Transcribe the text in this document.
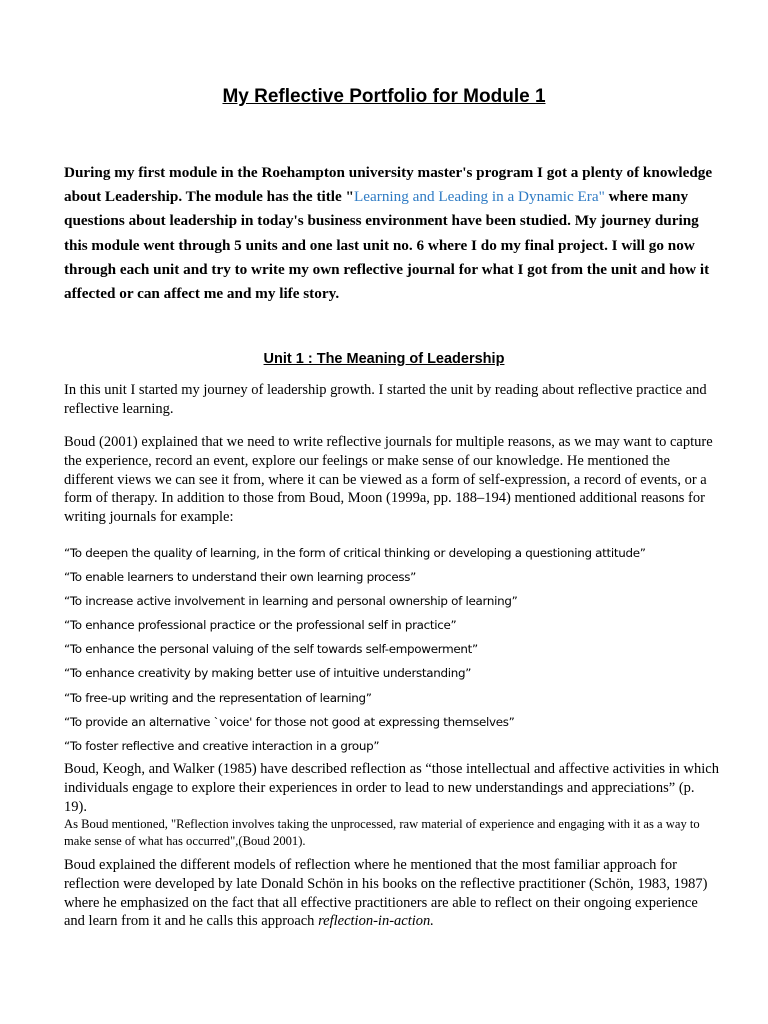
My Reflective Portfolio for Module 1
During my first module in the Roehampton university master's program I got a plenty of knowledge about Leadership. The module has the title "Learning and Leading in a Dynamic Era" where many questions about leadership in today's business environment have been studied. My journey during this module went through 5 units and one last unit no. 6 where I do my final project. I will go now through each unit and try to write my own reflective journal for what I got from the unit and how it affected or can affect me and my life story.
Unit 1 : The Meaning of Leadership
In this unit I started my journey of leadership growth. I started the unit by reading about reflective practice and reflective learning.
Boud (2001) explained that we need to write reflective journals for multiple reasons, as we may want to capture the experience, record an event, explore our feelings or make sense of our knowledge. He mentioned the different views we can see it from, where it can be viewed as a form of self-expression, a record of events, or a form of therapy. In addition to those from Boud, Moon (1999a, pp. 188–194) mentioned additional reasons for writing journals for example:
“To deepen the quality of learning, in the form of critical thinking or developing a questioning attitude”
“To enable learners to understand their own learning process”
“To increase active involvement in learning and personal ownership of learning”
“To enhance professional practice or the professional self in practice”
“To enhance the personal valuing of the self towards self-empowerment”
“To enhance creativity by making better use of intuitive understanding”
“To free-up writing and the representation of learning”
“To provide an alternative `voice' for those not good at expressing themselves”
“To foster reflective and creative interaction in a group”
Boud, Keogh, and Walker (1985) have described reflection as “those intellectual and affective activities in which individuals engage to explore their experiences in order to lead to new understandings and appreciations” (p. 19).
As Boud mentioned, "Reflection involves taking the unprocessed, raw material of experience and engaging with it as a way to make sense of what has occurred",(Boud 2001).
Boud explained the different models of reflection where he mentioned that the most familiar approach for reflection were developed by late Donald Schön in his books on the reflective practitioner (Schön, 1983, 1987) where he emphasized on the fact that all effective practitioners are able to reflect on their ongoing experience and learn from it and he calls this approach reflection-in-action.
